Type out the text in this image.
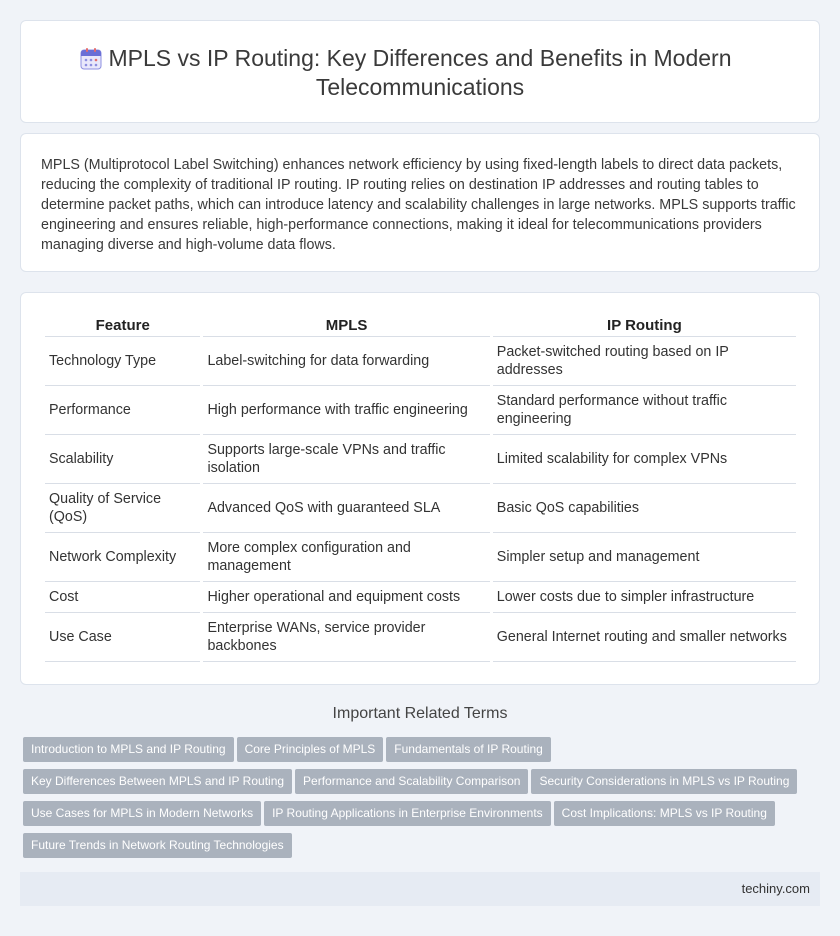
MPLS vs IP Routing: Key Differences and Benefits in Modern Telecommunications

MPLS (Multiprotocol Label Switching) enhances network efficiency by using fixed-length labels to direct data packets, reducing the complexity of traditional IP routing. IP routing relies on destination IP addresses and routing tables to determine packet paths, which can introduce latency and scalability challenges in large networks. MPLS supports traffic engineering and ensures reliable, high-performance connections, making it ideal for telecommunications providers managing diverse and high-volume data flows.

Feature	MPLS	IP Routing
Technology Type	Label-switching for data forwarding	Packet-switched routing based on IP addresses
Performance	High performance with traffic engineering	Standard performance without traffic engineering
Scalability	Supports large-scale VPNs and traffic isolation	Limited scalability for complex VPNs
Quality of Service (QoS)	Advanced QoS with guaranteed SLA	Basic QoS capabilities
Network Complexity	More complex configuration and management	Simpler setup and management
Cost	Higher operational and equipment costs	Lower costs due to simpler infrastructure
Use Case	Enterprise WANs, service provider backbones	General Internet routing and smaller networks
Important Related Terms
Introduction to MPLS and IP Routing Core Principles of MPLS Fundamentals of IP Routing
Key Differences Between MPLS and IP Routing Performance and Scalability Comparison Security Considerations in MPLS vs IP Routing
Use Cases for MPLS in Modern Networks IP Routing Applications in Enterprise Environments Cost Implications: MPLS vs IP Routing
Future Trends in Network Routing Technologies
techiny.com
